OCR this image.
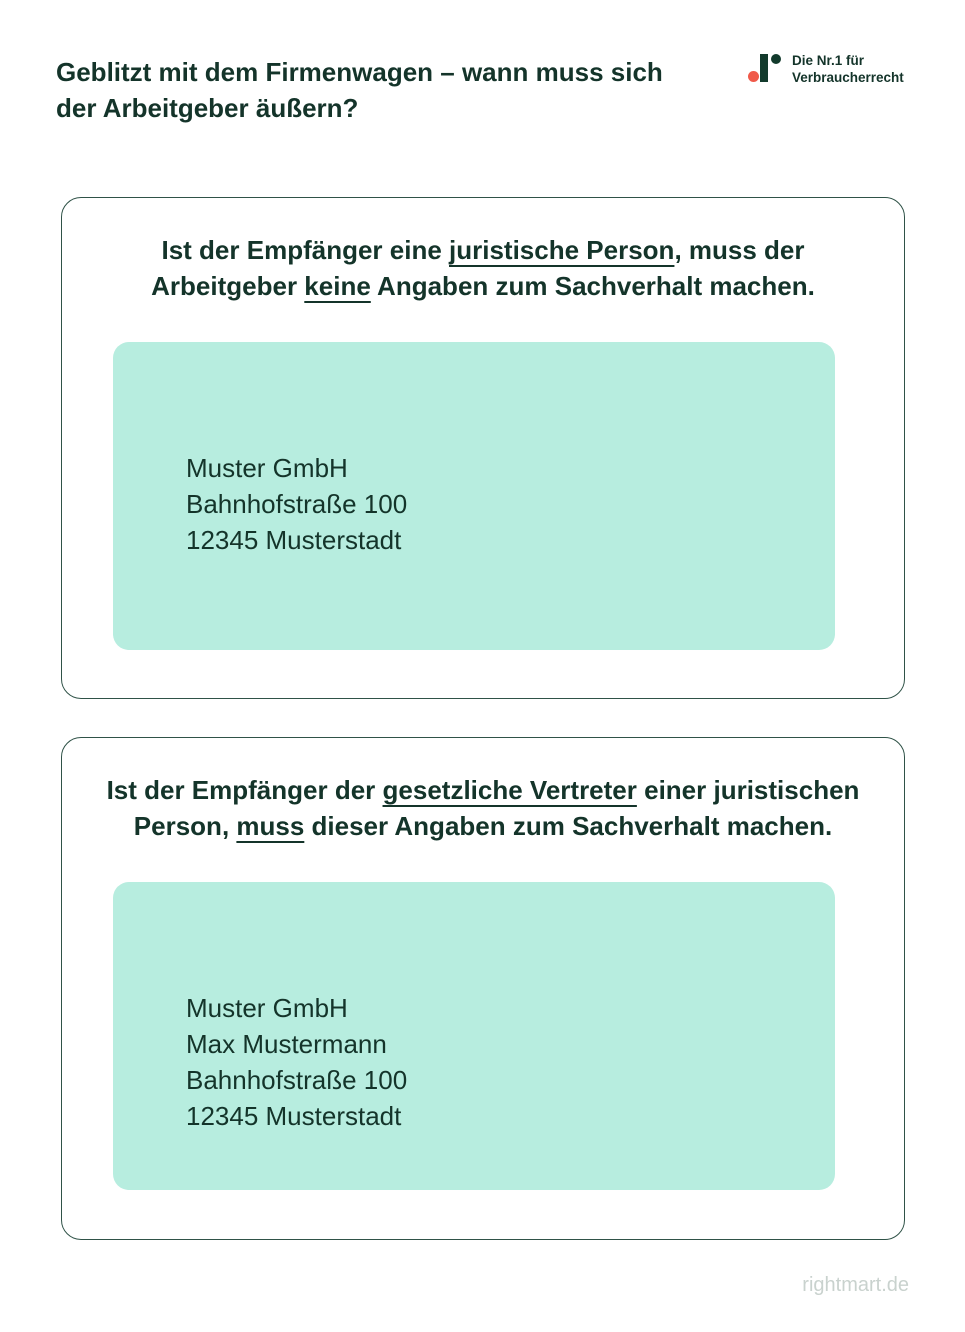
Geblitzt mit dem Firmenwagen – wann muss sich
der Arbeitgeber äußern?
Die Nr.1 für
Verbraucherrecht
Ist der Empfänger eine juristische Person, muss der
Arbeitgeber keine Angaben zum Sachverhalt machen.
Muster GmbH
Bahnhofstraße 100
12345 Musterstadt
Ist der Empfänger der gesetzliche Vertreter einer juristischen
Person, muss dieser Angaben zum Sachverhalt machen.
Muster GmbH
Max Mustermann
Bahnhofstraße 100
12345 Musterstadt
rightmart.de
